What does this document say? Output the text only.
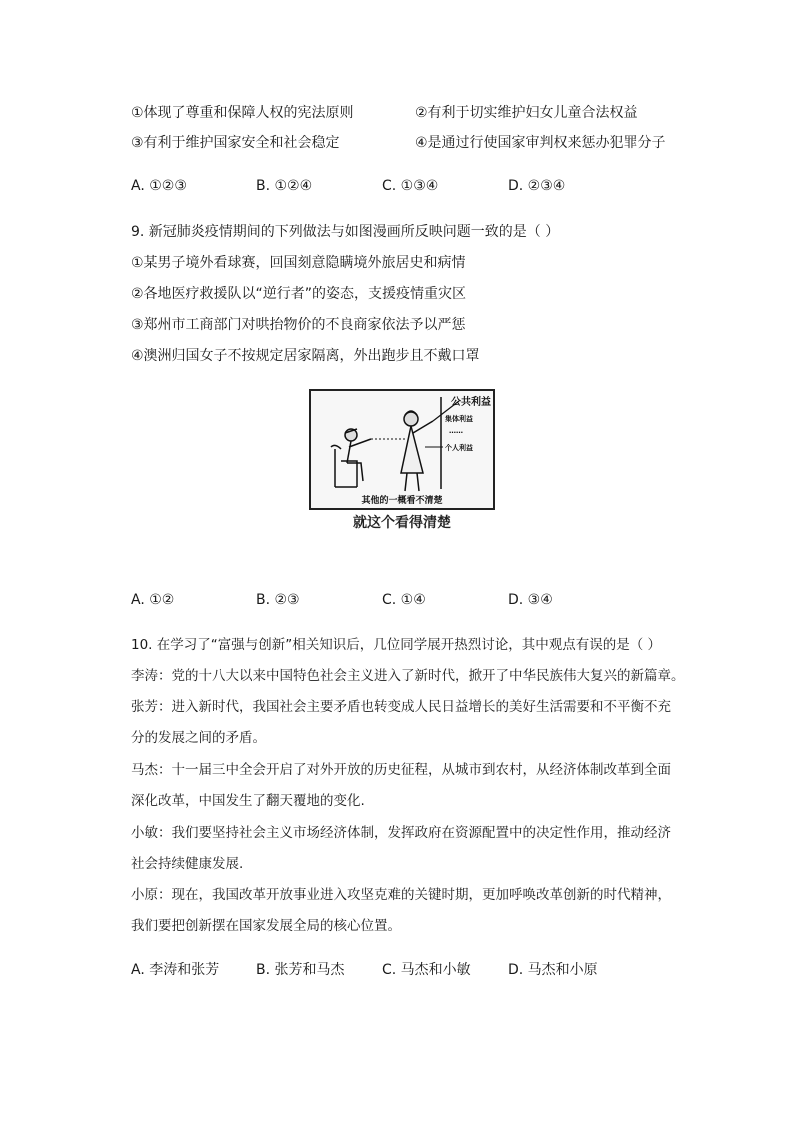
①体现了尊重和保障人权的宪法原则	②有利于切实维护妇女儿童合法权益
③有利于维护国家安全和社会稳定	④是通过行使国家审判权来惩办犯罪分子
A. ①②③	B. ①②④	C. ①③④	D. ②③④
9. 新冠肺炎疫情期间的下列做法与如图漫画所反映问题一致的是（ ）
①某男子境外看球赛，回国刻意隐瞒境外旅居史和病情
②各地医疗救援队以“逆行者”的姿态，支援疫情重灾区
③郑州市工商部门对哄抬物价的不良商家依法予以严惩
④澳洲归国女子不按规定居家隔离，外出跑步且不戴口罩
公共利益
集体利益
……
个人利益
其他的一概看不清楚
就这个看得清楚
A. ①②	B. ②③	C. ①④	D. ③④
10. 在学习了“富强与创新”相关知识后，几位同学展开热烈讨论，其中观点有误的是（ ）
李涛：党的十八大以来中国特色社会主义进入了新时代，掀开了中华民族伟大复兴的新篇章。
张芳：进入新时代，我国社会主要矛盾也转变成人民日益增长的美好生活需要和不平衡不充
分的发展之间的矛盾。
马杰：十一届三中全会开启了对外开放的历史征程，从城市到农村，从经济体制改革到全面
深化改革，中国发生了翻天覆地的变化.
小敏：我们要坚持社会主义市场经济体制，发挥政府在资源配置中的决定性作用，推动经济
社会持续健康发展.
小原：现在，我国改革开放事业进入攻坚克难的关键时期，更加呼唤改革创新的时代精神，
我们要把创新摆在国家发展全局的核心位置。
A. 李涛和张芳	B. 张芳和马杰	C. 马杰和小敏	D. 马杰和小原
